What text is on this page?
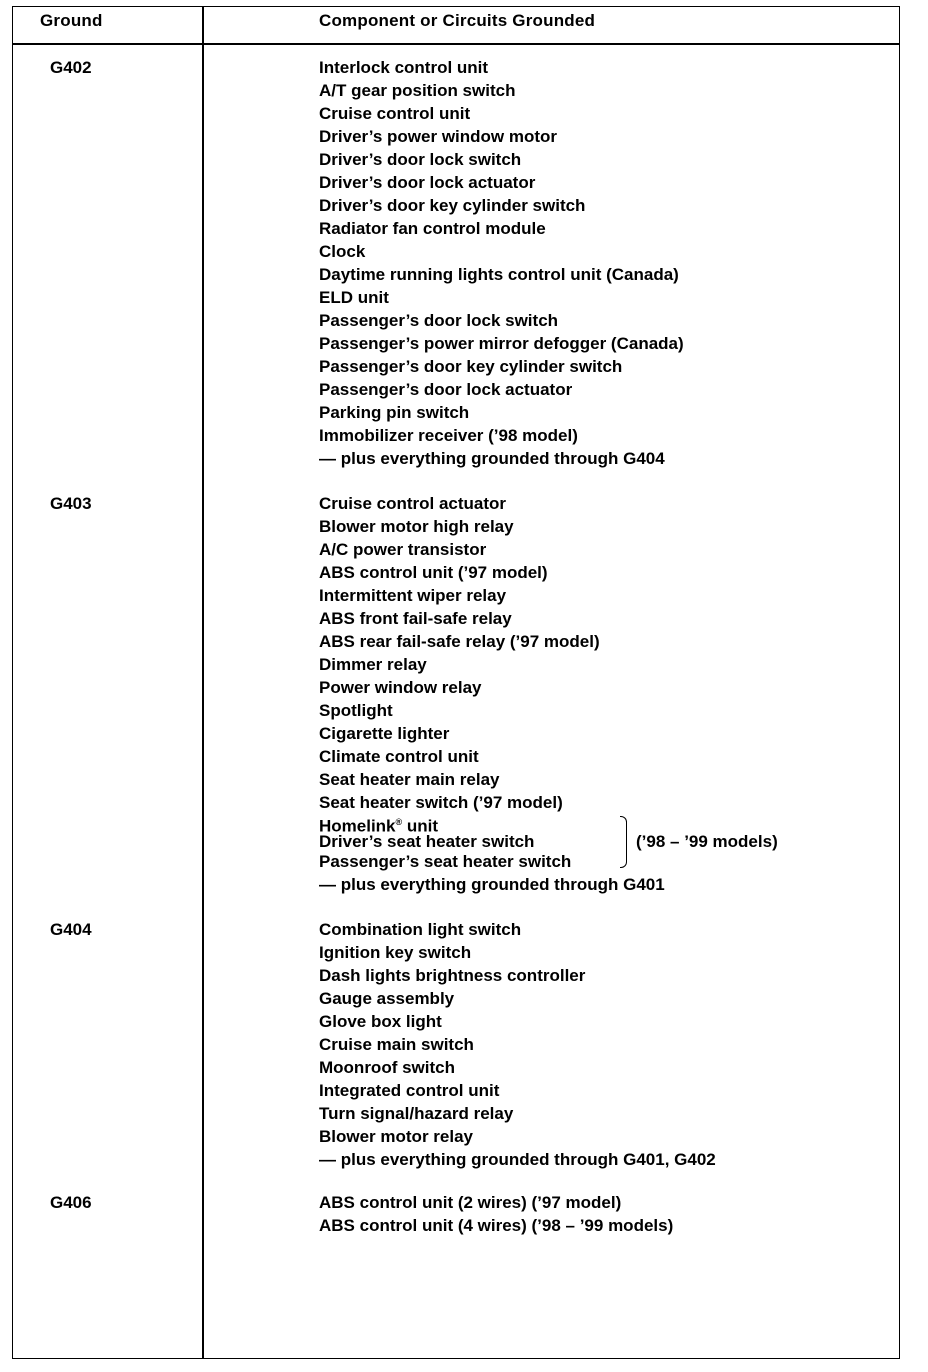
Ground	Component or Circuits Grounded
G402	Interlock control unit
A/T gear position switch
Cruise control unit
Driver’s power window motor
Driver’s door lock switch
Driver’s door lock actuator
Driver’s door key cylinder switch
Radiator fan control module
Clock
Daytime running lights control unit (Canada)
ELD unit
Passenger’s door lock switch
Passenger’s power mirror defogger (Canada)
Passenger’s door key cylinder switch
Passenger’s door lock actuator
Parking pin switch
Immobilizer receiver (’98 model)
— plus everything grounded through G404
G403	Cruise control actuator
Blower motor high relay
A/C power transistor
ABS control unit (’97 model)
Intermittent wiper relay
ABS front fail-safe relay
ABS rear fail-safe relay (’97 model)
Dimmer relay
Power window relay
Spotlight
Cigarette lighter
Climate control unit
Seat heater main relay
Seat heater switch (’97 model)
Homelink® unit
Driver’s seat heater switch
Passenger’s seat heater switch
(’98 – ’99 models)
— plus everything grounded through G401
G404	Combination light switch
Ignition key switch
Dash lights brightness controller
Gauge assembly
Glove box light
Cruise main switch
Moonroof switch
Integrated control unit
Turn signal/hazard relay
Blower motor relay
— plus everything grounded through G401, G402
G406	ABS control unit (2 wires) (’97 model)
ABS control unit (4 wires) (’98 – ’99 models)
